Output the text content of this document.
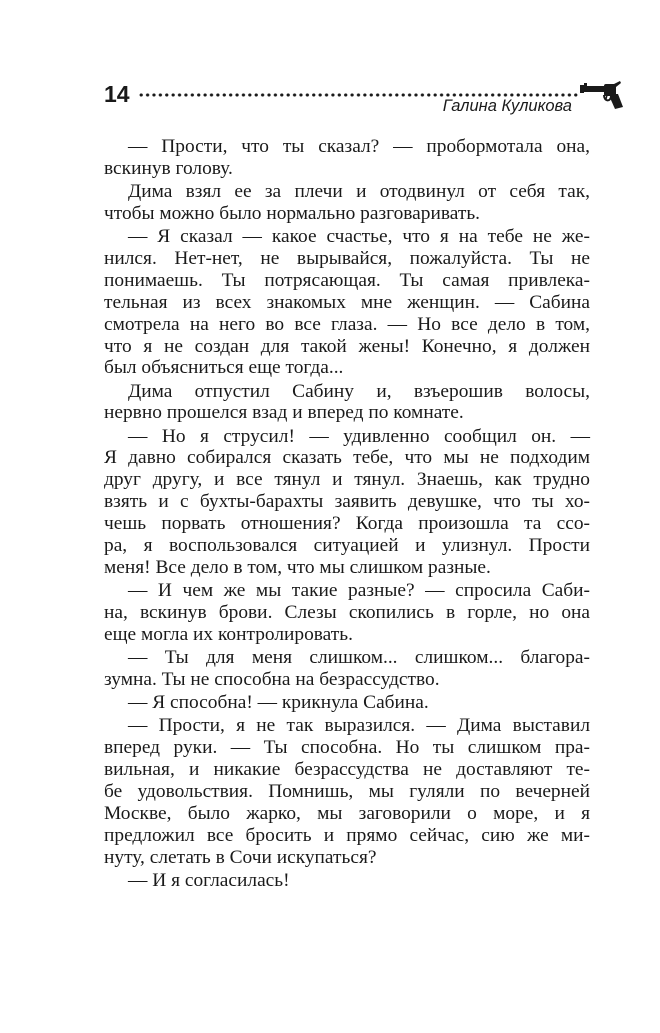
14	Галина Куликова
— Прости, что ты сказал? — пробормотала она,
вскинув голову.
Дима взял ее за плечи и отодвинул от себя так,
чтобы можно было нормально разговаривать.
— Я сказал — какое счастье, что я на тебе не же-
нился. Нет-нет, не вырывайся, пожалуйста. Ты не
понимаешь. Ты потрясающая. Ты самая привлека-
тельная из всех знакомых мне женщин. — Сабина
смотрела на него во все глаза. — Но все дело в том,
что я не создан для такой жены! Конечно, я должен
был объясниться еще тогда...
Дима отпустил Сабину и, взъерошив волосы,
нервно прошелся взад и вперед по комнате.
— Но я струсил! — удивленно сообщил он. —
Я давно собирался сказать тебе, что мы не подходим
друг другу, и все тянул и тянул. Знаешь, как трудно
взять и с бухты-барахты заявить девушке, что ты хо-
чешь порвать отношения? Когда произошла та ссо-
ра, я воспользовался ситуацией и улизнул. Прости
меня! Все дело в том, что мы слишком разные.
— И чем же мы такие разные? — спросила Саби-
на, вскинув брови. Слезы скопились в горле, но она
еще могла их контролировать.
— Ты для меня слишком... слишком... благора-
зумна. Ты не способна на безрассудство.
— Я способна! — крикнула Сабина.
— Прости, я не так выразился. — Дима выставил
вперед руки. — Ты способна. Но ты слишком пра-
вильная, и никакие безрассудства не доставляют те-
бе удовольствия. Помнишь, мы гуляли по вечерней
Москве, было жарко, мы заговорили о море, и я
предложил все бросить и прямо сейчас, сию же ми-
нуту, слетать в Сочи искупаться?
— И я согласилась!
